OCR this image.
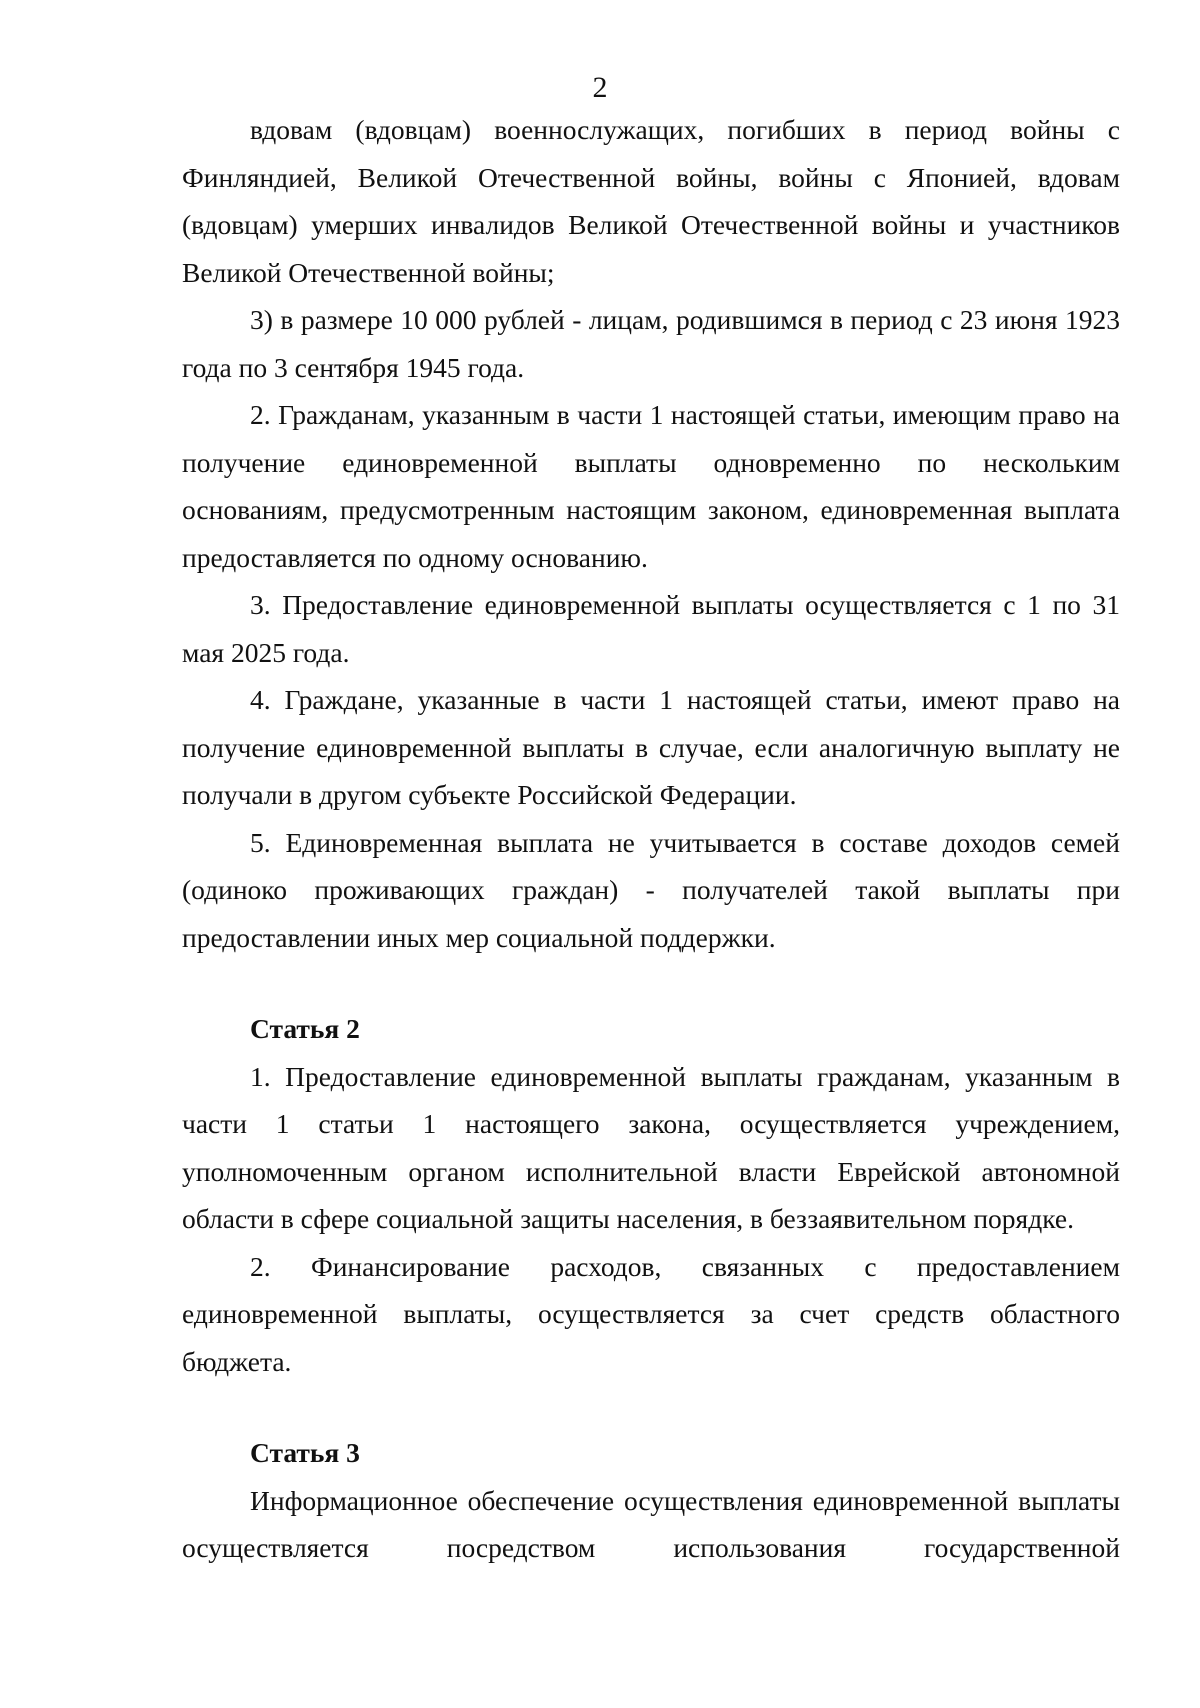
2

вдовам (вдовцам) военнослужащих, погибших в период войны с Финляндией, Великой Отечественной войны, войны с Японией, вдовам (вдовцам) умерших инвалидов Великой Отечественной войны и участников Великой Отечественной войны;

3) в размере 10 000 рублей - лицам, родившимся в период с 23 июня 1923 года по 3 сентября 1945 года.

2. Гражданам, указанным в части 1 настоящей статьи, имеющим право на получение единовременной выплаты одновременно по нескольким основаниям, предусмотренным настоящим законом, единовременная выплата предоставляется по одному основанию.

3. Предоставление единовременной выплаты осуществляется с 1 по 31 мая 2025 года.

4. Граждане, указанные в части 1 настоящей статьи, имеют право на получение единовременной выплаты в случае, если аналогичную выплату не получали в другом субъекте Российской Федерации.

5. Единовременная выплата не учитывается в составе доходов семей (одиноко проживающих граждан) - получателей такой выплаты при предоставлении иных мер социальной поддержки.

Статья 2

1. Предоставление единовременной выплаты гражданам, указанным в части 1 статьи 1 настоящего закона, осуществляется учреждением, уполномоченным органом исполнительной власти Еврейской автономной области в сфере социальной защиты населения, в беззаявительном порядке.

2. Финансирование расходов, связанных с предоставлением единовременной выплаты, осуществляется за счет средств областного бюджета.

Статья 3

Информационное обеспечение осуществления единовременной выплаты осуществляется посредством использования государственной
